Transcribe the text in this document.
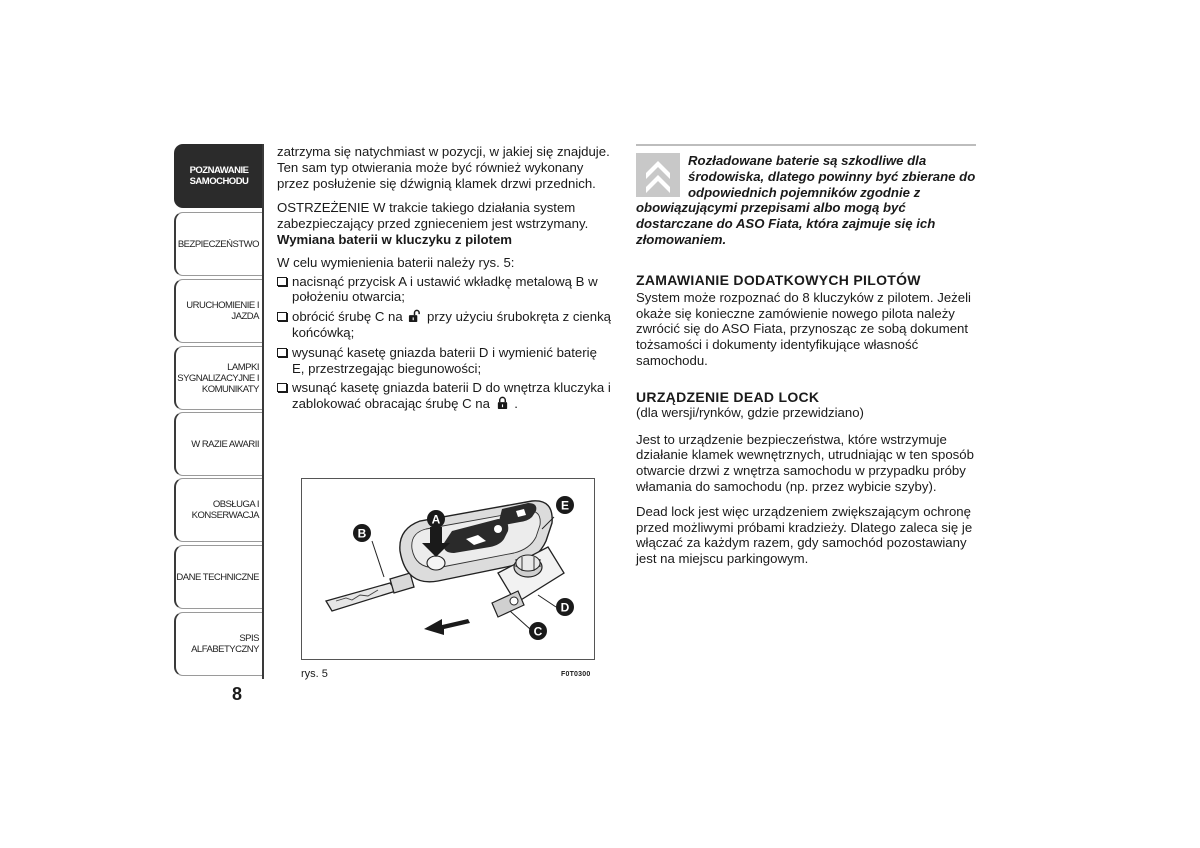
POZNAWANIE
SAMOCHODU
BEZPIECZEŃSTWO
URUCHOMIENIE I
JAZDA
LAMPKI
SYGNALIZACYJNE I
KOMUNIKATY
W RAZIE AWARII
OBSŁUGA I
KONSERWACJA
DANE TECHNICZNE
SPIS ALFABETYCZNY
8

zatrzyma się natychmiast w pozycji, w jakiej się znajduje. Ten sam typ otwierania może być również wykonany przez posłużenie się dźwignią klamek drzwi przednich.

OSTRZEŻENIE W trakcie takiego działania system zabezpieczający przed zgnieceniem jest wstrzymany.

Wymiana baterii w kluczyku z pilotem

W celu wymienienia baterii należy rys. 5:

nacisnąć przycisk A i ustawić wkładkę metalową B w położeniu otwarcia;
obrócić śrubę C na  przy użyciu śrubokręta z cienką końcówką;
wysunąć kasetę gniazda baterii D i wymienić baterię E, przestrzegając biegunowości;
wsunąć kasetę gniazda baterii D do wnętrza kluczyka i zablokować obracając śrubę C na  .
B
A
E
D
C
rys. 5	F0T0300
Rozładowane baterie są szkodliwe dla środowiska, dlatego powinny być zbierane do odpowiednich pojemników zgodnie z obowiązującymi przepisami albo mogą być dostarczane do ASO Fiata, która zajmuje się ich złomowaniem.
ZAMAWIANIE DODATKOWYCH PILOTÓW

System może rozpoznać do 8 kluczyków z pilotem. Jeżeli okaże się konieczne zamówienie nowego pilota należy zwrócić się do ASO Fiata, przynosząc ze sobą dokument tożsamości i dokumenty identyfikujące własność samochodu.

URZĄDZENIE DEAD LOCK

(dla wersji/rynków, gdzie przewidziano)

Jest to urządzenie bezpieczeństwa, które wstrzymuje działanie klamek wewnętrznych, utrudniając w ten sposób otwarcie drzwi z wnętrza samochodu w przypadku próby włamania do samochodu (np. przez wybicie szyby).

Dead lock jest więc urządzeniem zwiększającym ochronę przed możliwymi próbami kradzieży. Dlatego zaleca się je włączać za każdym razem, gdy samochód pozostawiany jest na miejscu parkingowym.
